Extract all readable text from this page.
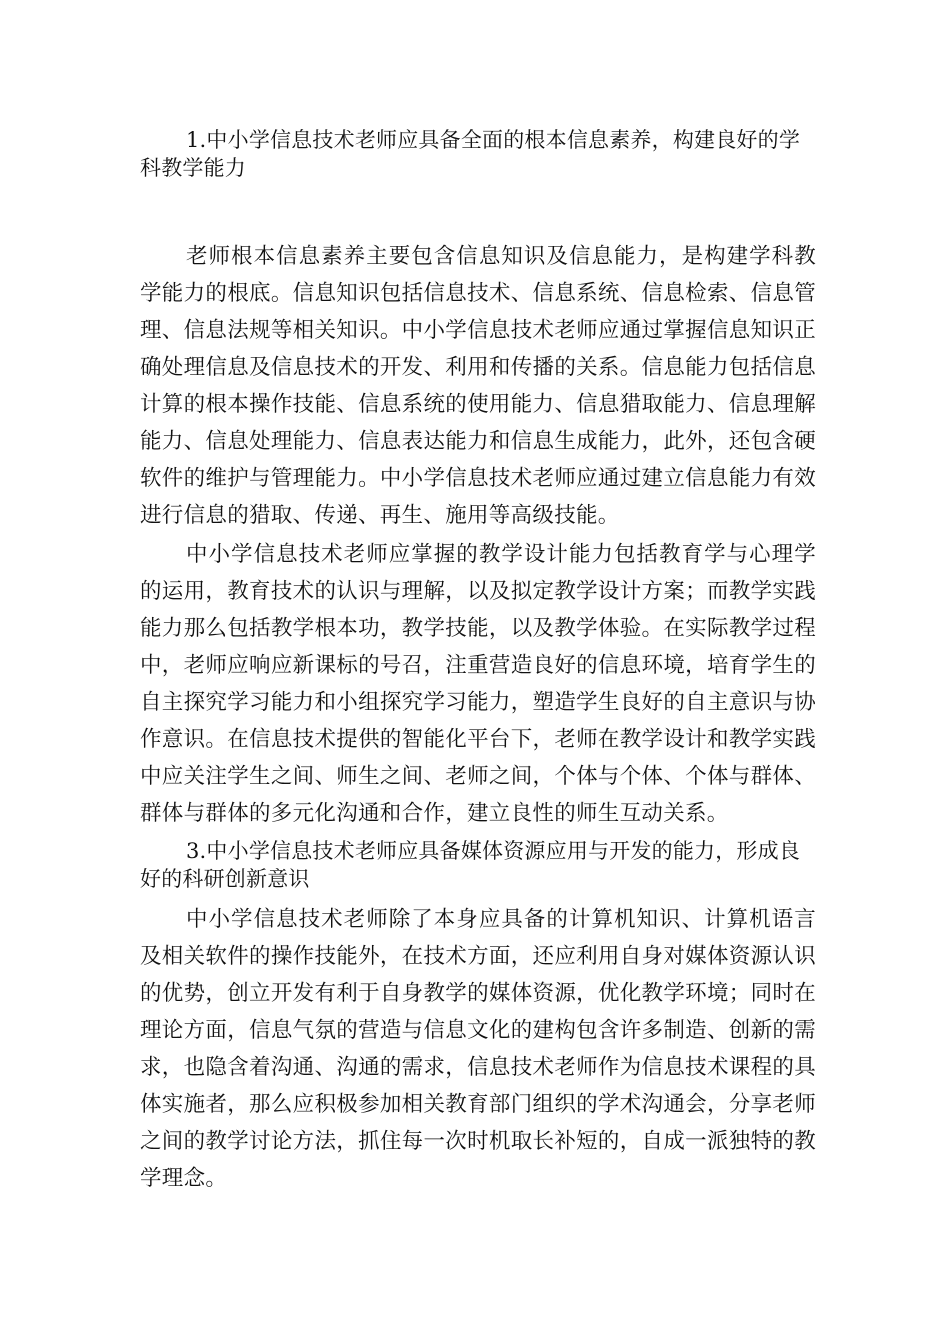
1.中小学信息技术老师应具备全面的根本信息素养，构建良好的学科教学能力

老师根本信息素养主要包含信息知识及信息能力，是构建学科教学能力的根底。信息知识包括信息技术、信息系统、信息检索、信息管理、信息法规等相关知识。中小学信息技术老师应通过掌握信息知识正确处理信息及信息技术的开发、利用和传播的关系。信息能力包括信息计算的根本操作技能、信息系统的使用能力、信息猎取能力、信息理解能力、信息处理能力、信息表达能力和信息生成能力，此外，还包含硬软件的维护与管理能力。中小学信息技术老师应通过建立信息能力有效进行信息的猎取、传递、再生、施用等高级技能。

中小学信息技术老师应掌握的教学设计能力包括教育学与心理学的运用，教育技术的认识与理解，以及拟定教学设计方案；而教学实践能力那么包括教学根本功，教学技能，以及教学体验。在实际教学过程中，老师应响应新课标的号召，注重营造良好的信息环境，培育学生的自主探究学习能力和小组探究学习能力，塑造学生良好的自主意识与协作意识。在信息技术提供的智能化平台下，老师在教学设计和教学实践中应关注学生之间、师生之间、老师之间，个体与个体、个体与群体、群体与群体的多元化沟通和合作，建立良性的师生互动关系。

3.中小学信息技术老师应具备媒体资源应用与开发的能力，形成良好的科研创新意识

中小学信息技术老师除了本身应具备的计算机知识、计算机语言及相关软件的操作技能外，在技术方面，还应利用自身对媒体资源认识的优势，创立开发有利于自身教学的媒体资源，优化教学环境；同时在理论方面，信息气氛的营造与信息文化的建构包含许多制造、创新的需求，也隐含着沟通、沟通的需求，信息技术老师作为信息技术课程的具体实施者，那么应积极参加相关教育部门组织的学术沟通会，分享老师之间的教学讨论方法，抓住每一次时机取长补短的，自成一派独特的教学理念。
